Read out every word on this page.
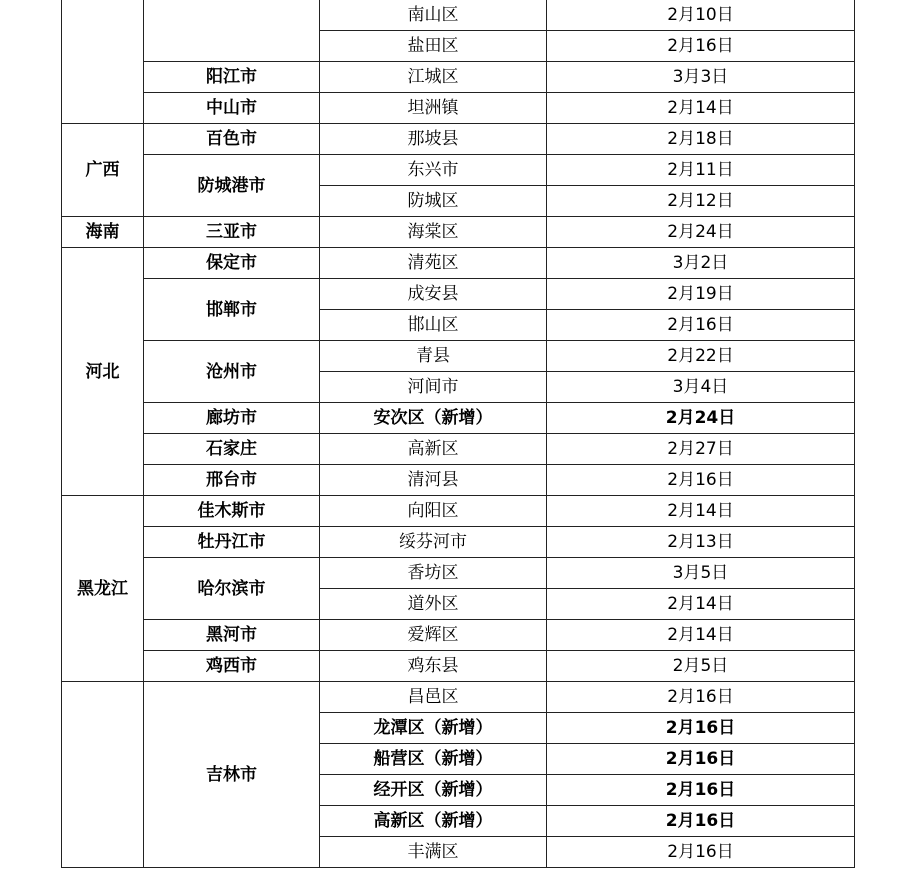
		南山区	2月10日
		盐田区	2月16日
	阳江市	江城区	3月3日
	中山市	坦洲镇	2月14日
广西	百色市	那坡县	2月18日
	防城港市	东兴市	2月11日
		防城区	2月12日
海南	三亚市	海棠区	2月24日
河北	保定市	清苑区	3月2日
	邯郸市	成安县	2月19日
		邯山区	2月16日
	沧州市	青县	2月22日
		河间市	3月4日
	廊坊市	安次区（新增）	2月24日
	石家庄	高新区	2月27日
	邢台市	清河县	2月16日
黑龙江	佳木斯市	向阳区	2月14日
	牡丹江市	绥芬河市	2月13日
	哈尔滨市	香坊区	3月5日
		道外区	2月14日
	黑河市	爱辉区	2月14日
	鸡西市	鸡东县	2月5日
	吉林市	昌邑区	2月16日
		龙潭区（新增）	2月16日
		船营区（新增）	2月16日
		经开区（新增）	2月16日
		高新区（新增）	2月16日
		丰满区	2月16日
